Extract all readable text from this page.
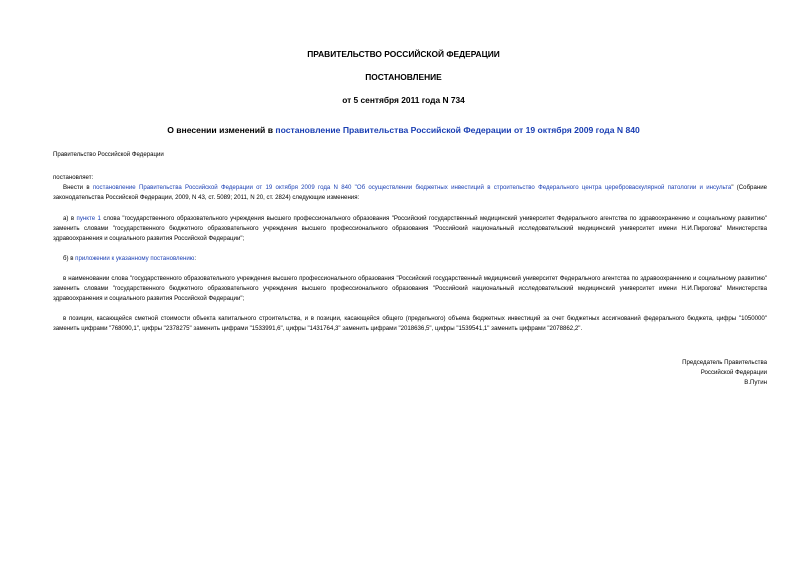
ПРАВИТЕЛЬСТВО РОССИЙСКОЙ ФЕДЕРАЦИИ
ПОСТАНОВЛЕНИЕ
от 5 сентября 2011 года N 734
О внесении изменений в постановление Правительства Российской Федерации от 19 октября 2009 года N 840
Правительство Российской Федерации
постановляет:
Внести в постановление Правительства Российской Федерации от 19 октября 2009 года N 840 "Об осуществлении бюджетных инвестиций в строительство Федерального центра цереброваскулярной патологии и инсульта" (Собрание законодательства Российской Федерации, 2009, N 43, ст. 5089; 2011, N 20, ст. 2824) следующие изменения:
а) в пункте 1 слова "государственного образовательного учреждения высшего профессионального образования "Российский государственный медицинский университет Федерального агентства по здравоохранению и социальному развитию" заменить словами "государственного бюджетного образовательного учреждения высшего профессионального образования "Российский национальный исследовательский медицинский университет имени Н.И.Пирогова" Министерства здравоохранения и социального развития Российской Федерации";
б) в приложении к указанному постановлению:
в наименовании слова "государственного образовательного учреждения высшего профессионального образования "Российский государственный медицинский университет Федерального агентства по здравоохранению и социальному развитию" заменить словами "государственного бюджетного образовательного учреждения высшего профессионального образования "Российский национальный исследовательский медицинский университет имени Н.И.Пирогова" Министерства здравоохранения и социального развития Российской Федерации";
в позиции, касающейся сметной стоимости объекта капитального строительства, и в позиции, касающейся общего (предельного) объема бюджетных инвестиций за счет бюджетных ассигнований федерального бюджета, цифры "1050000" заменить цифрами "768090,1", цифры "2378275" заменить цифрами "1533991,6", цифры "1431764,3" заменить цифрами "2018636,5", цифры "1539541,1" заменить цифрами "2078862,2".
Председатель Правительства
Российской Федерации
В.Путин
